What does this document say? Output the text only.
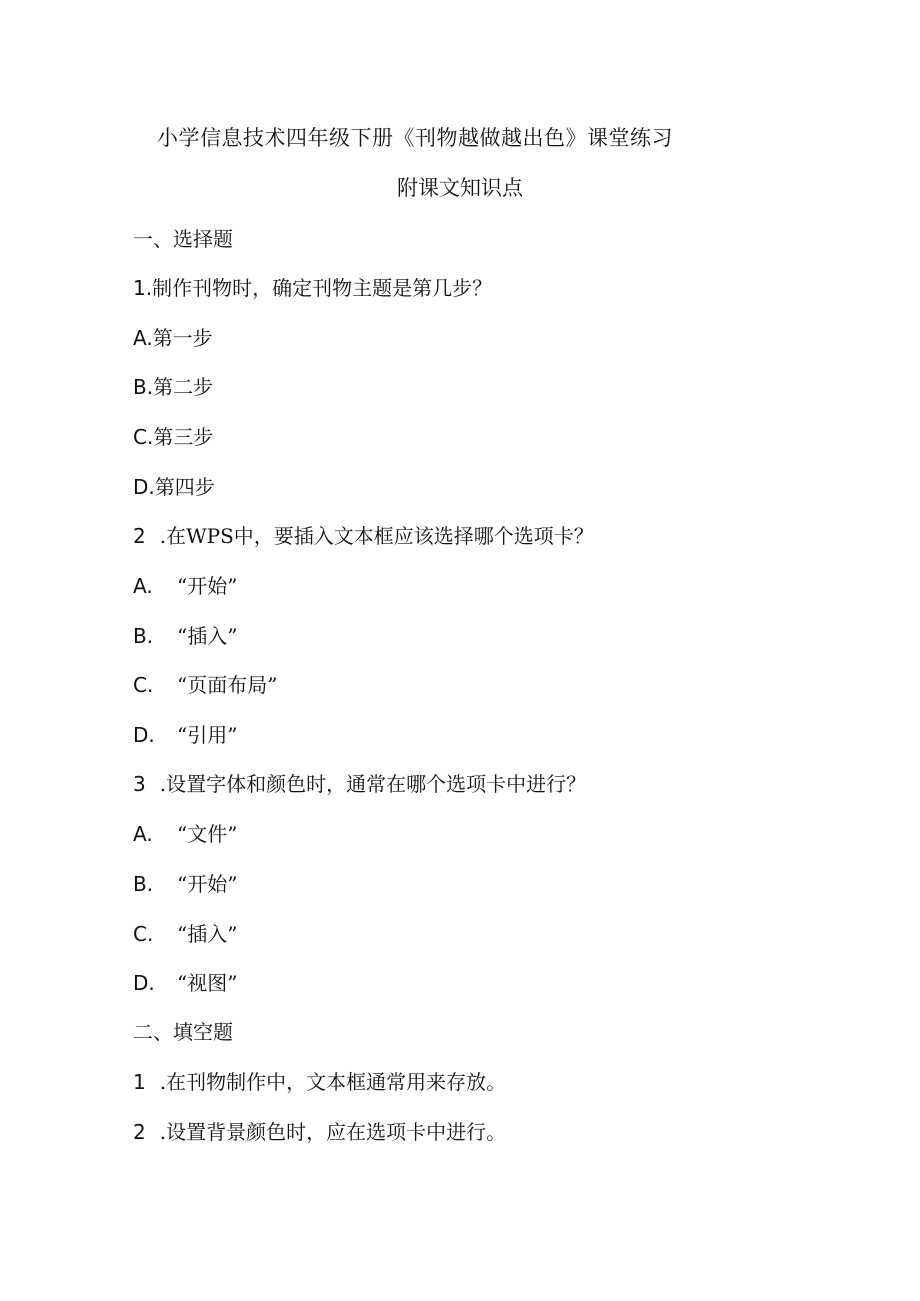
小学信息技术四年级下册《刊物越做越出色》课堂练习
附课文知识点
一、选择题
1.制作刊物时，确定刊物主题是第几步？
A.第一步
B.第二步
C.第三步
D.第四步
2 .在WPS中，要插入文本框应该选择哪个选项卡？
A. “开始”
B. “插入”
C. “页面布局”
D. “引用”
3 .设置字体和颜色时，通常在哪个选项卡中进行？
A. “文件”
B. “开始”
C. “插入”
D. “视图”
二、填空题
1 .在刊物制作中，文本框通常用来存放。
2 .设置背景颜色时，应在选项卡中进行。
